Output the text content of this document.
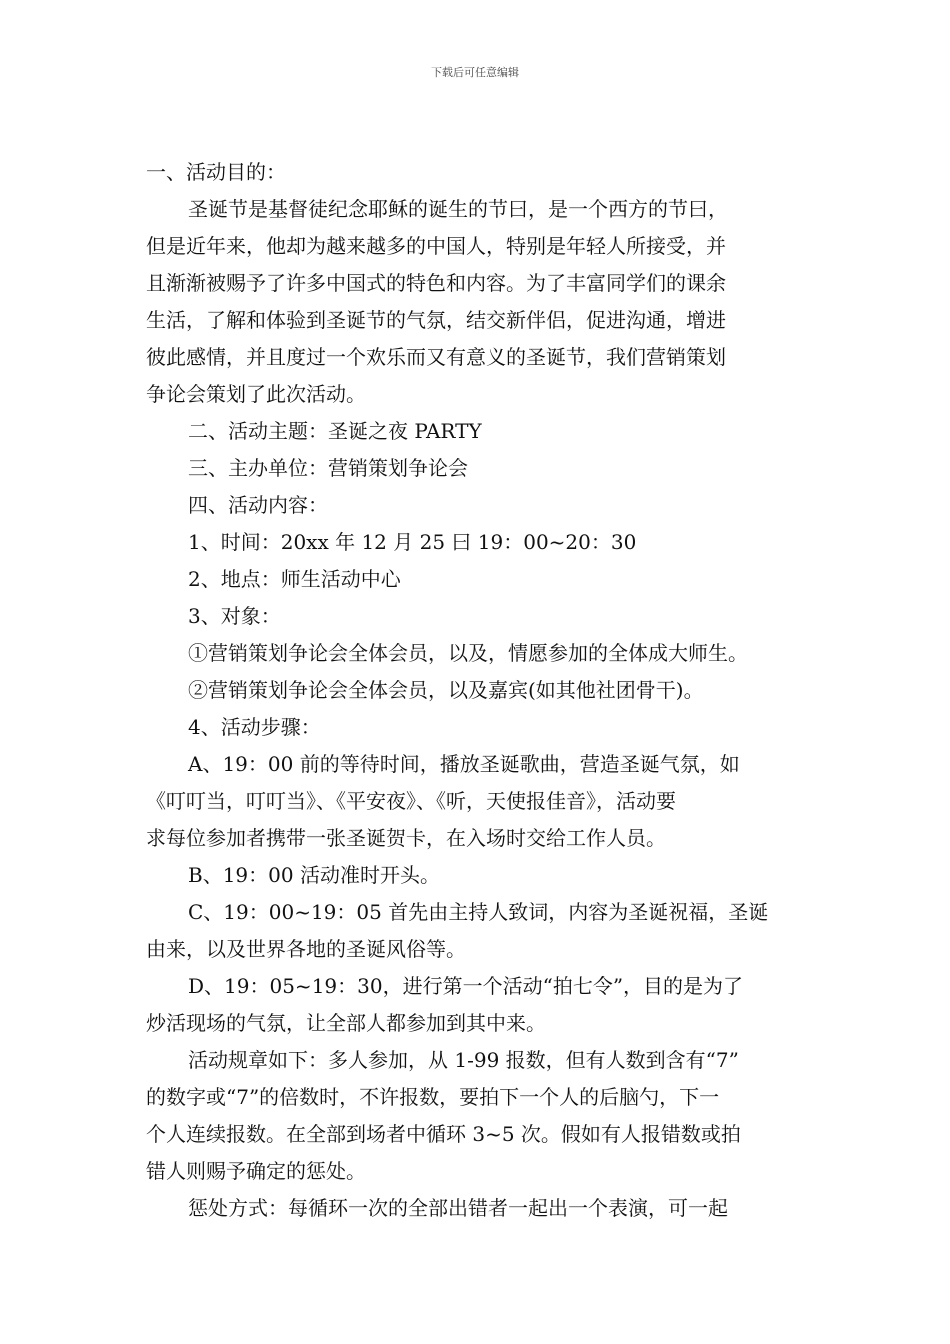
下载后可任意编辑
一、活动目的：
圣诞节是基督徒纪念耶稣的诞生的节曰，是一个西方的节曰，
但是近年来，他却为越来越多的中国人，特别是年轻人所接受，并
且渐渐被赐予了许多中国式的特色和内容。为了丰富同学们的课余
生活，了解和体验到圣诞节的气氛，结交新伴侣，促进沟通，增进
彼此感情，并且度过一个欢乐而又有意义的圣诞节，我们营销策划
争论会策划了此次活动。
二、活动主题：圣诞之夜 PARTY
三、主办单位：营销策划争论会
四、活动内容：
1、时间：20xx 年 12 月 25 曰 19：00~20：30
2、地点：师生活动中心
3、对象：
①营销策划争论会全体会员，以及，情愿参加的全体成大师生。
②营销策划争论会全体会员，以及嘉宾(如其他社团骨干)。
4、活动步骤：
A、19：00 前的等待时间，播放圣诞歌曲，营造圣诞气氛，如
《叮叮当，叮叮当》、《平安夜》、《听，天使报佳音》，活动要
求每位参加者携带一张圣诞贺卡，在入场时交给工作人员。
B、19：00 活动准时开头。
C、19：00~19：05 首先由主持人致词，内容为圣诞祝福，圣诞
由来，以及世界各地的圣诞风俗等。
D、19：05~19：30，进行第一个活动“拍七令”，目的是为了
炒活现场的气氛，让全部人都参加到其中来。
活动规章如下：多人参加，从 1-99 报数，但有人数到含有“7”
的数字或“7”的倍数时，不许报数，要拍下一个人的后脑勺，下一
个人连续报数。在全部到场者中循环 3~5 次。假如有人报错数或拍
错人则赐予确定的惩处。
惩处方式：每循环一次的全部出错者一起出一个表演，可一起
